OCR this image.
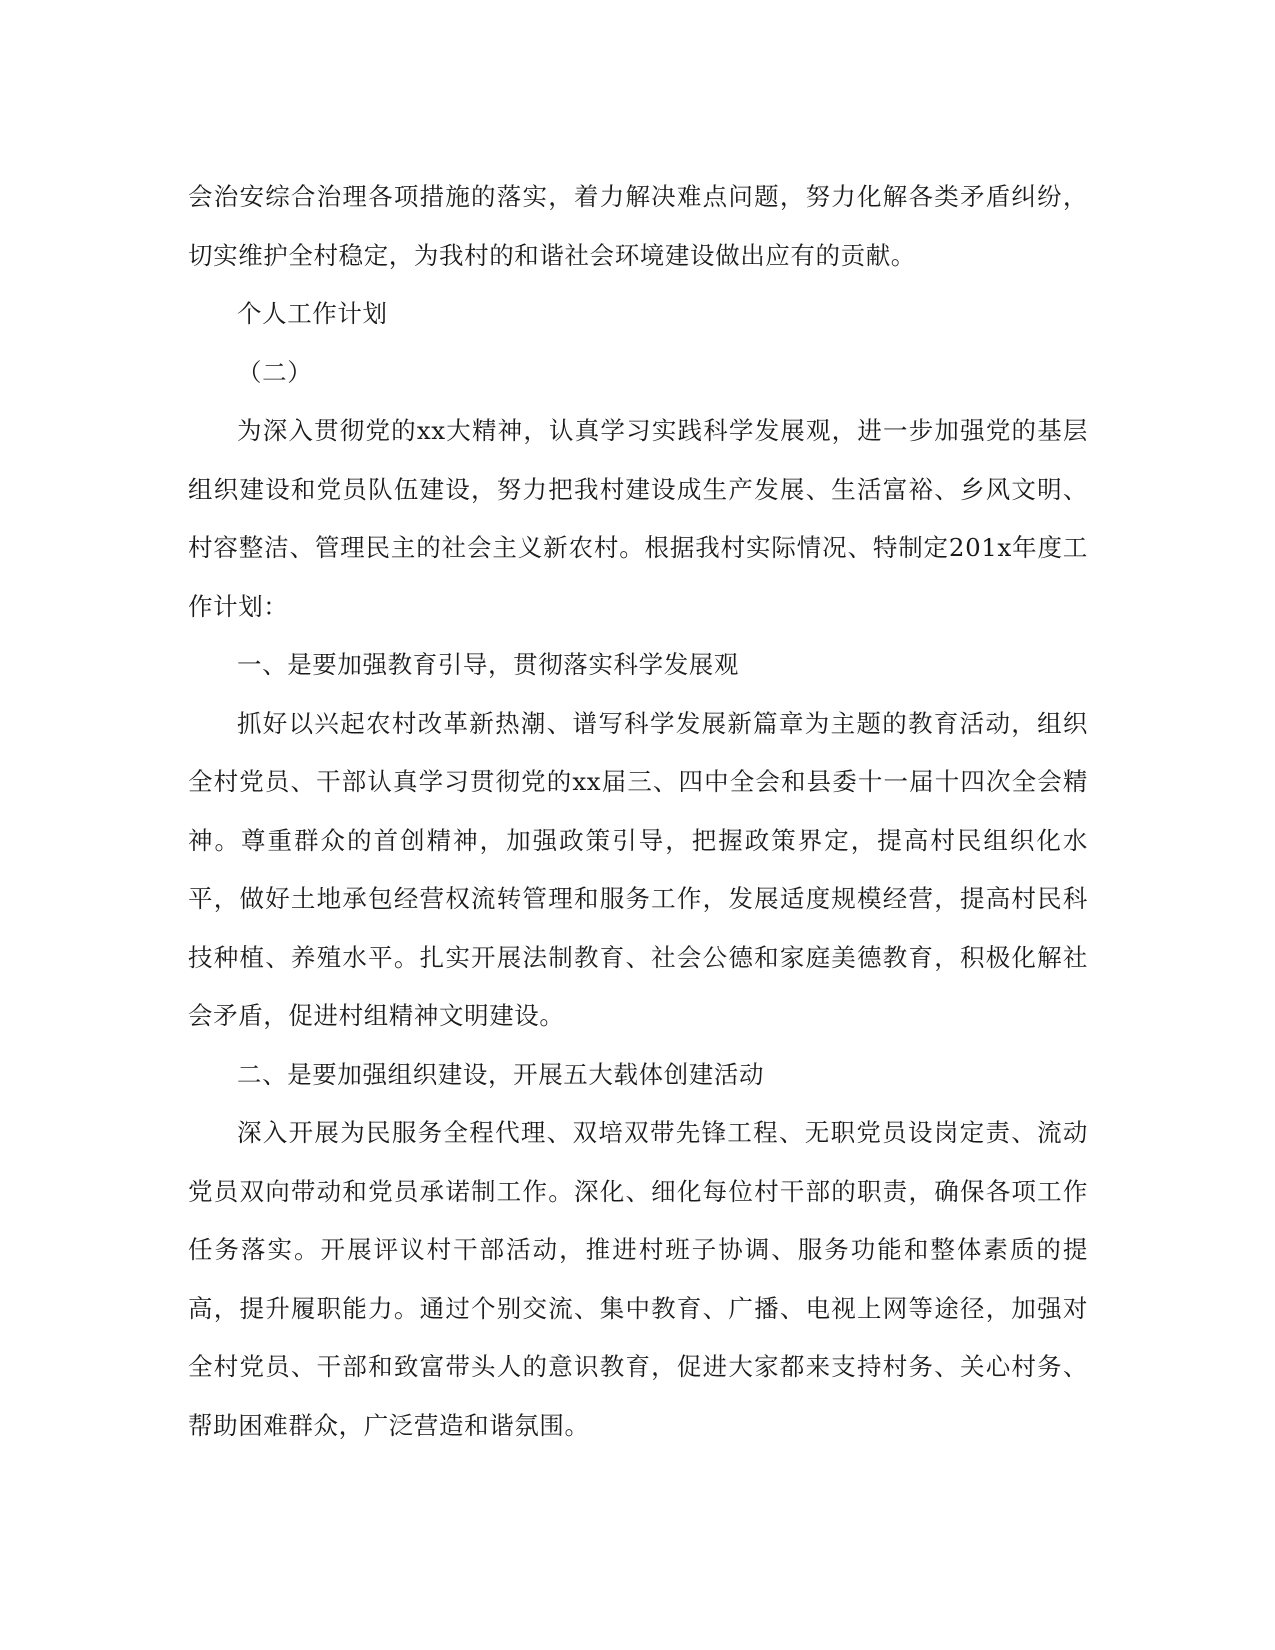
会治安综合治理各项措施的落实，着力解决难点问题，努力化解各类矛盾纠纷，切实维护全村稳定，为我村的和谐社会环境建设做出应有的贡献。

个人工作计划

（二）

为深入贯彻党的xx大精神，认真学习实践科学发展观，进一步加强党的基层组织建设和党员队伍建设，努力把我村建设成生产发展、生活富裕、乡风文明、村容整洁、管理民主的社会主义新农村。根据我村实际情况、特制定201x年度工作计划：

一、是要加强教育引导，贯彻落实科学发展观

抓好以兴起农村改革新热潮、谱写科学发展新篇章为主题的教育活动，组织全村党员、干部认真学习贯彻党的xx届三、四中全会和县委十一届十四次全会精神。尊重群众的首创精神，加强政策引导，把握政策界定，提高村民组织化水平，做好土地承包经营权流转管理和服务工作，发展适度规模经营，提高村民科技种植、养殖水平。扎实开展法制教育、社会公德和家庭美德教育，积极化解社会矛盾，促进村组精神文明建设。

二、是要加强组织建设，开展五大载体创建活动

深入开展为民服务全程代理、双培双带先锋工程、无职党员设岗定责、流动党员双向带动和党员承诺制工作。深化、细化每位村干部的职责，确保各项工作任务落实。开展评议村干部活动，推进村班子协调、服务功能和整体素质的提高，提升履职能力。通过个别交流、集中教育、广播、电视上网等途径，加强对全村党员、干部和致富带头人的意识教育，促进大家都来支持村务、关心村务、帮助困难群众，广泛营造和谐氛围。
